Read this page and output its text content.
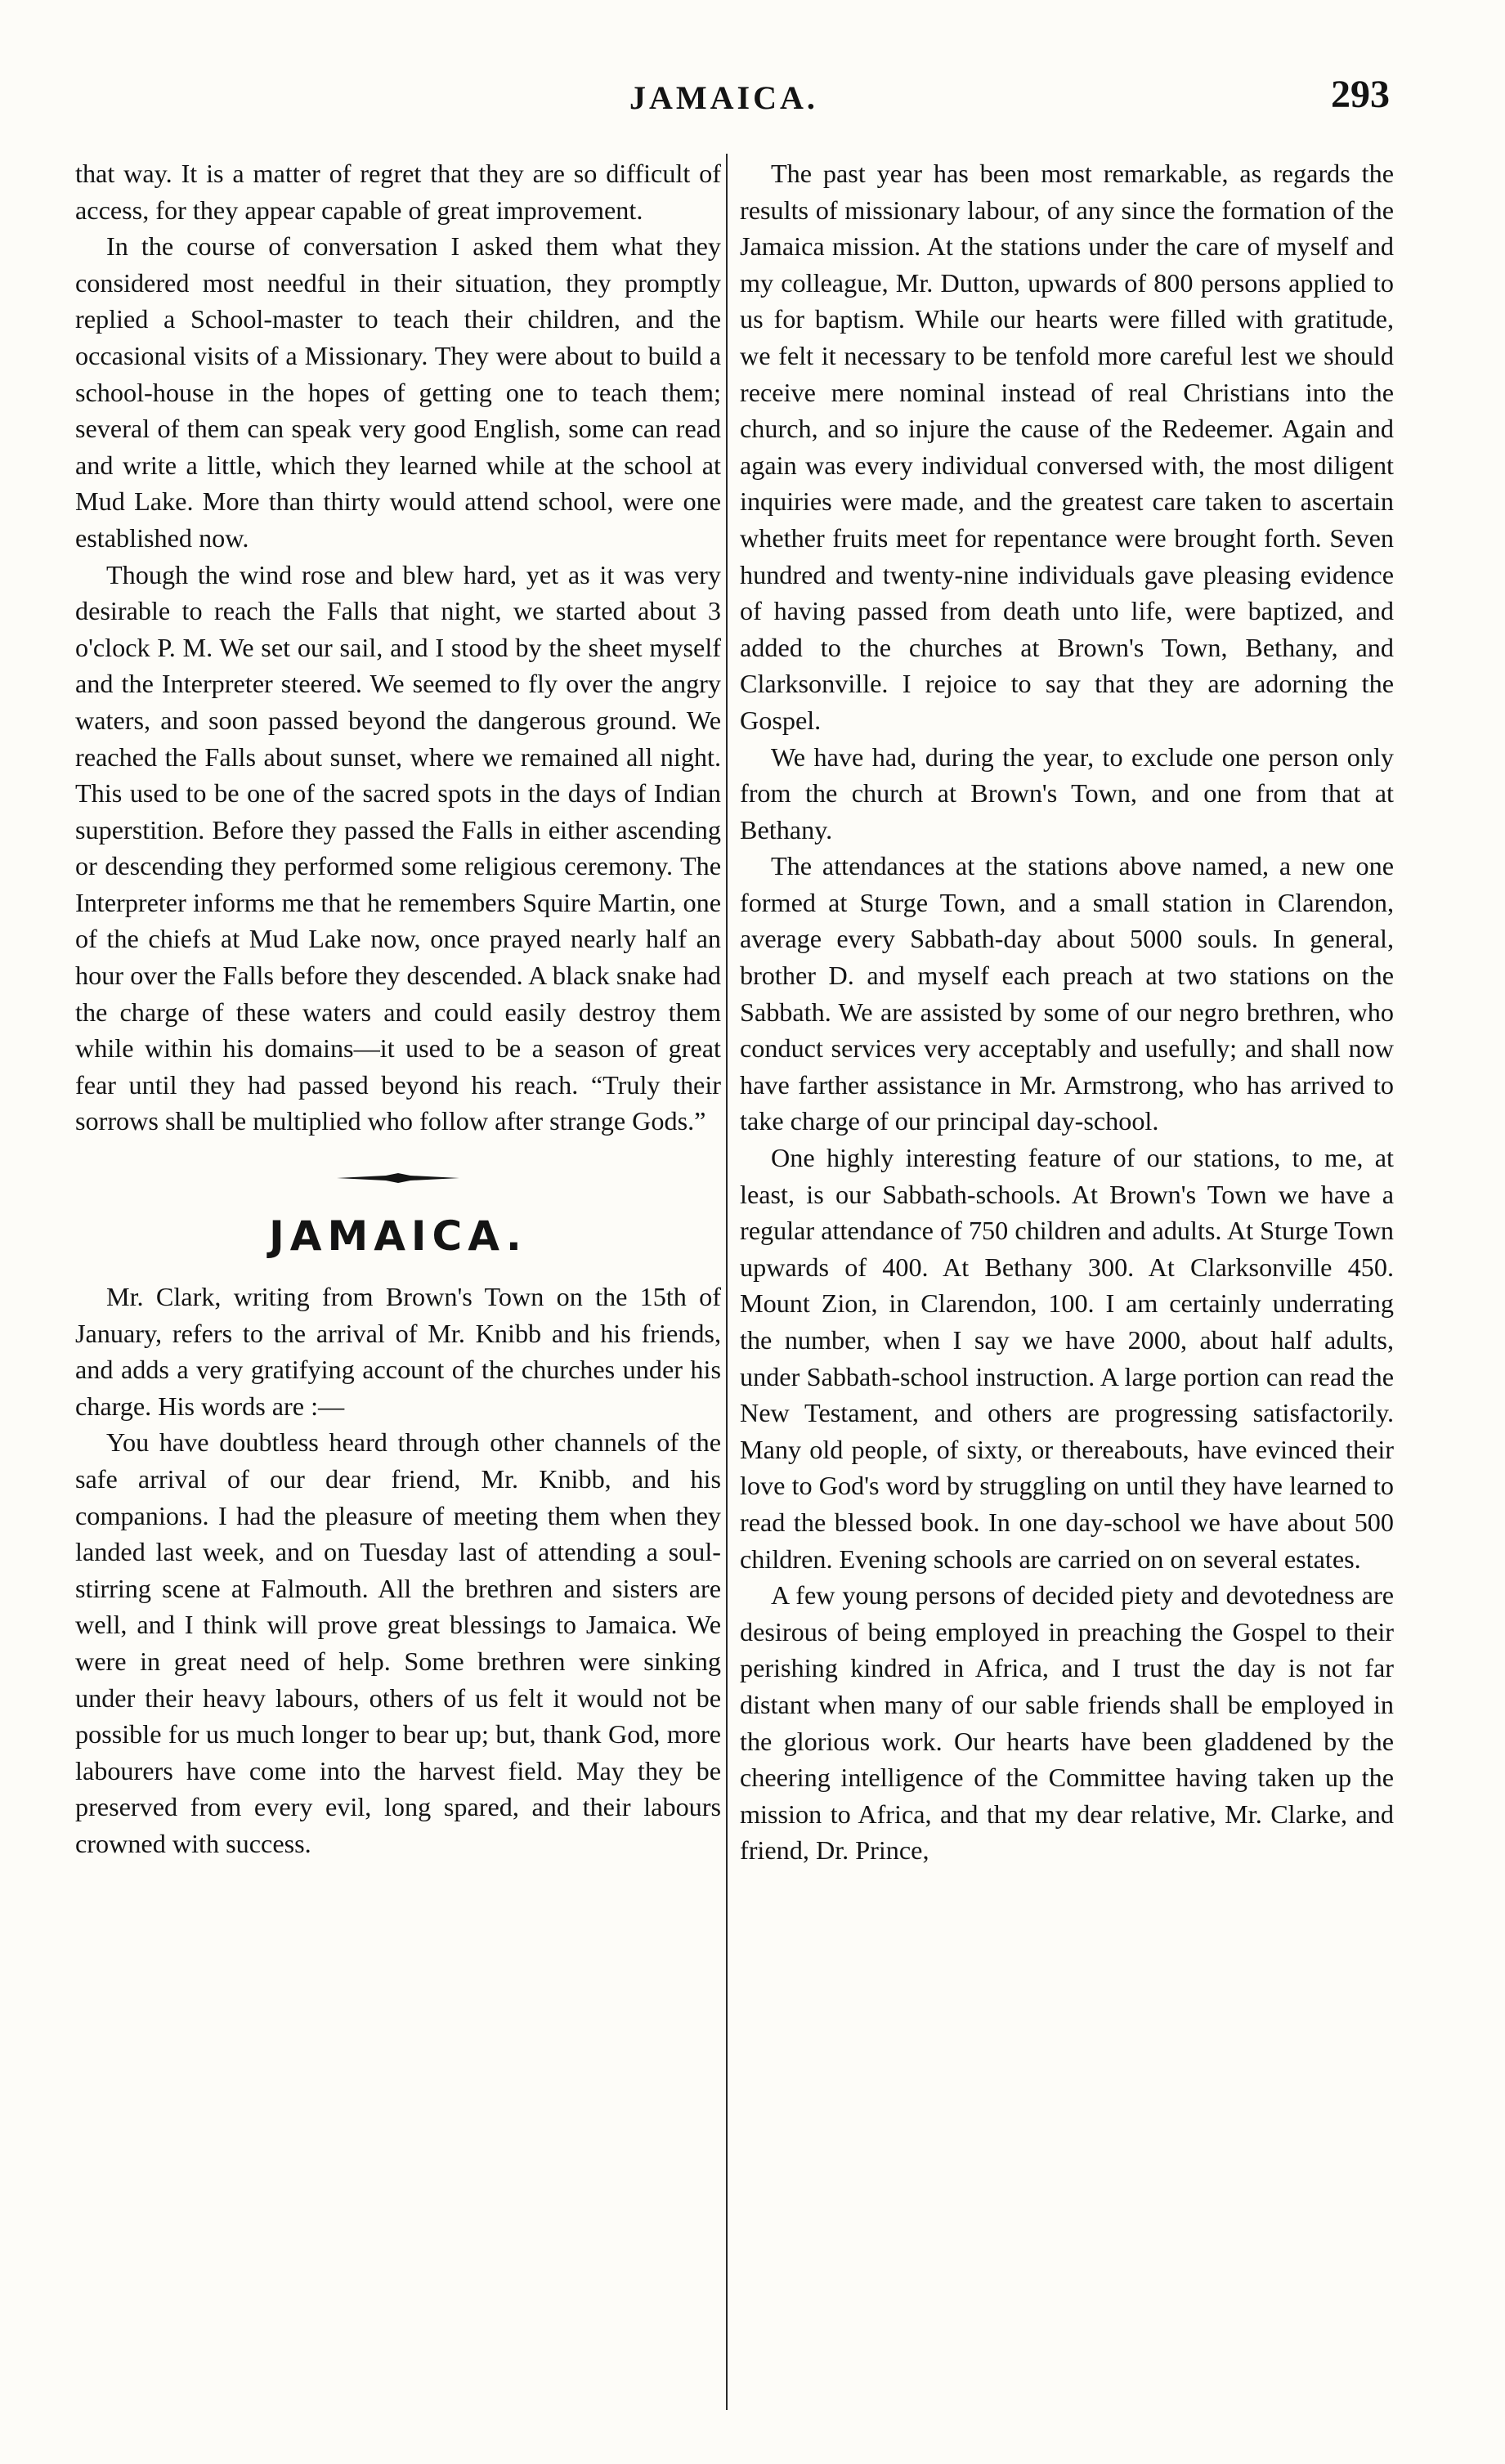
JAMAICA.	293

that way. It is a matter of regret that they are so difficult of access, for they appear capable of great improvement.

In the course of conversation I asked them what they considered most needful in their situation, they promptly replied a School-master to teach their children, and the occasional visits of a Missionary. They were about to build a school-house in the hopes of getting one to teach them; several of them can speak very good English, some can read and write a little, which they learned while at the school at Mud Lake. More than thirty would attend school, were one established now.

Though the wind rose and blew hard, yet as it was very desirable to reach the Falls that night, we started about 3 o'clock P. M. We set our sail, and I stood by the sheet myself and the Interpreter steered. We seemed to fly over the angry waters, and soon passed beyond the dangerous ground. We reached the Falls about sunset, where we remained all night. This used to be one of the sacred spots in the days of Indian superstition. Before they passed the Falls in either ascending or descending they performed some religious ceremony. The Interpreter informs me that he remembers Squire Martin, one of the chiefs at Mud Lake now, once prayed nearly half an hour over the Falls before they descended. A black snake had the charge of these waters and could easily destroy them while within his domains—it used to be a season of great fear until they had passed beyond his reach. “Truly their sorrows shall be multiplied who follow after strange Gods.”

JAMAICA.

Mr. Clark, writing from Brown's Town on the 15th of January, refers to the arrival of Mr. Knibb and his friends, and adds a very gratifying account of the churches under his charge. His words are :—

You have doubtless heard through other channels of the safe arrival of our dear friend, Mr. Knibb, and his companions. I had the pleasure of meeting them when they landed last week, and on Tuesday last of attending a soul-stirring scene at Falmouth. All the brethren and sisters are well, and I think will prove great blessings to Jamaica. We were in great need of help. Some brethren were sinking under their heavy labours, others of us felt it would not be possible for us much longer to bear up; but, thank God, more labourers have come into the harvest field. May they be preserved from every evil, long spared, and their labours crowned with success.

The past year has been most remarkable, as regards the results of missionary labour, of any since the formation of the Jamaica mission. At the stations under the care of myself and my colleague, Mr. Dutton, upwards of 800 persons applied to us for baptism. While our hearts were filled with gratitude, we felt it necessary to be tenfold more careful lest we should receive mere nominal instead of real Christians into the church, and so injure the cause of the Redeemer. Again and again was every individual conversed with, the most diligent inquiries were made, and the greatest care taken to ascertain whether fruits meet for repentance were brought forth. Seven hundred and twenty-nine individuals gave pleasing evidence of having passed from death unto life, were baptized, and added to the churches at Brown's Town, Bethany, and Clarksonville. I rejoice to say that they are adorning the Gospel.

We have had, during the year, to exclude one person only from the church at Brown's Town, and one from that at Bethany.

The attendances at the stations above named, a new one formed at Sturge Town, and a small station in Clarendon, average every Sabbath-day about 5000 souls. In general, brother D. and myself each preach at two stations on the Sabbath. We are assisted by some of our negro brethren, who conduct services very acceptably and usefully; and shall now have farther assistance in Mr. Armstrong, who has arrived to take charge of our principal day-school.

One highly interesting feature of our stations, to me, at least, is our Sabbath-schools. At Brown's Town we have a regular attendance of 750 children and adults. At Sturge Town upwards of 400. At Bethany 300. At Clarksonville 450. Mount Zion, in Clarendon, 100. I am certainly underrating the number, when I say we have 2000, about half adults, under Sabbath-school instruction. A large portion can read the New Testament, and others are progressing satisfactorily. Many old people, of sixty, or thereabouts, have evinced their love to God's word by struggling on until they have learned to read the blessed book. In one day-school we have about 500 children. Evening schools are carried on on several estates.

A few young persons of decided piety and devotedness are desirous of being employed in preaching the Gospel to their perishing kindred in Africa, and I trust the day is not far distant when many of our sable friends shall be employed in the glorious work. Our hearts have been gladdened by the cheering intelligence of the Committee having taken up the mission to Africa, and that my dear relative, Mr. Clarke, and friend, Dr. Prince,
